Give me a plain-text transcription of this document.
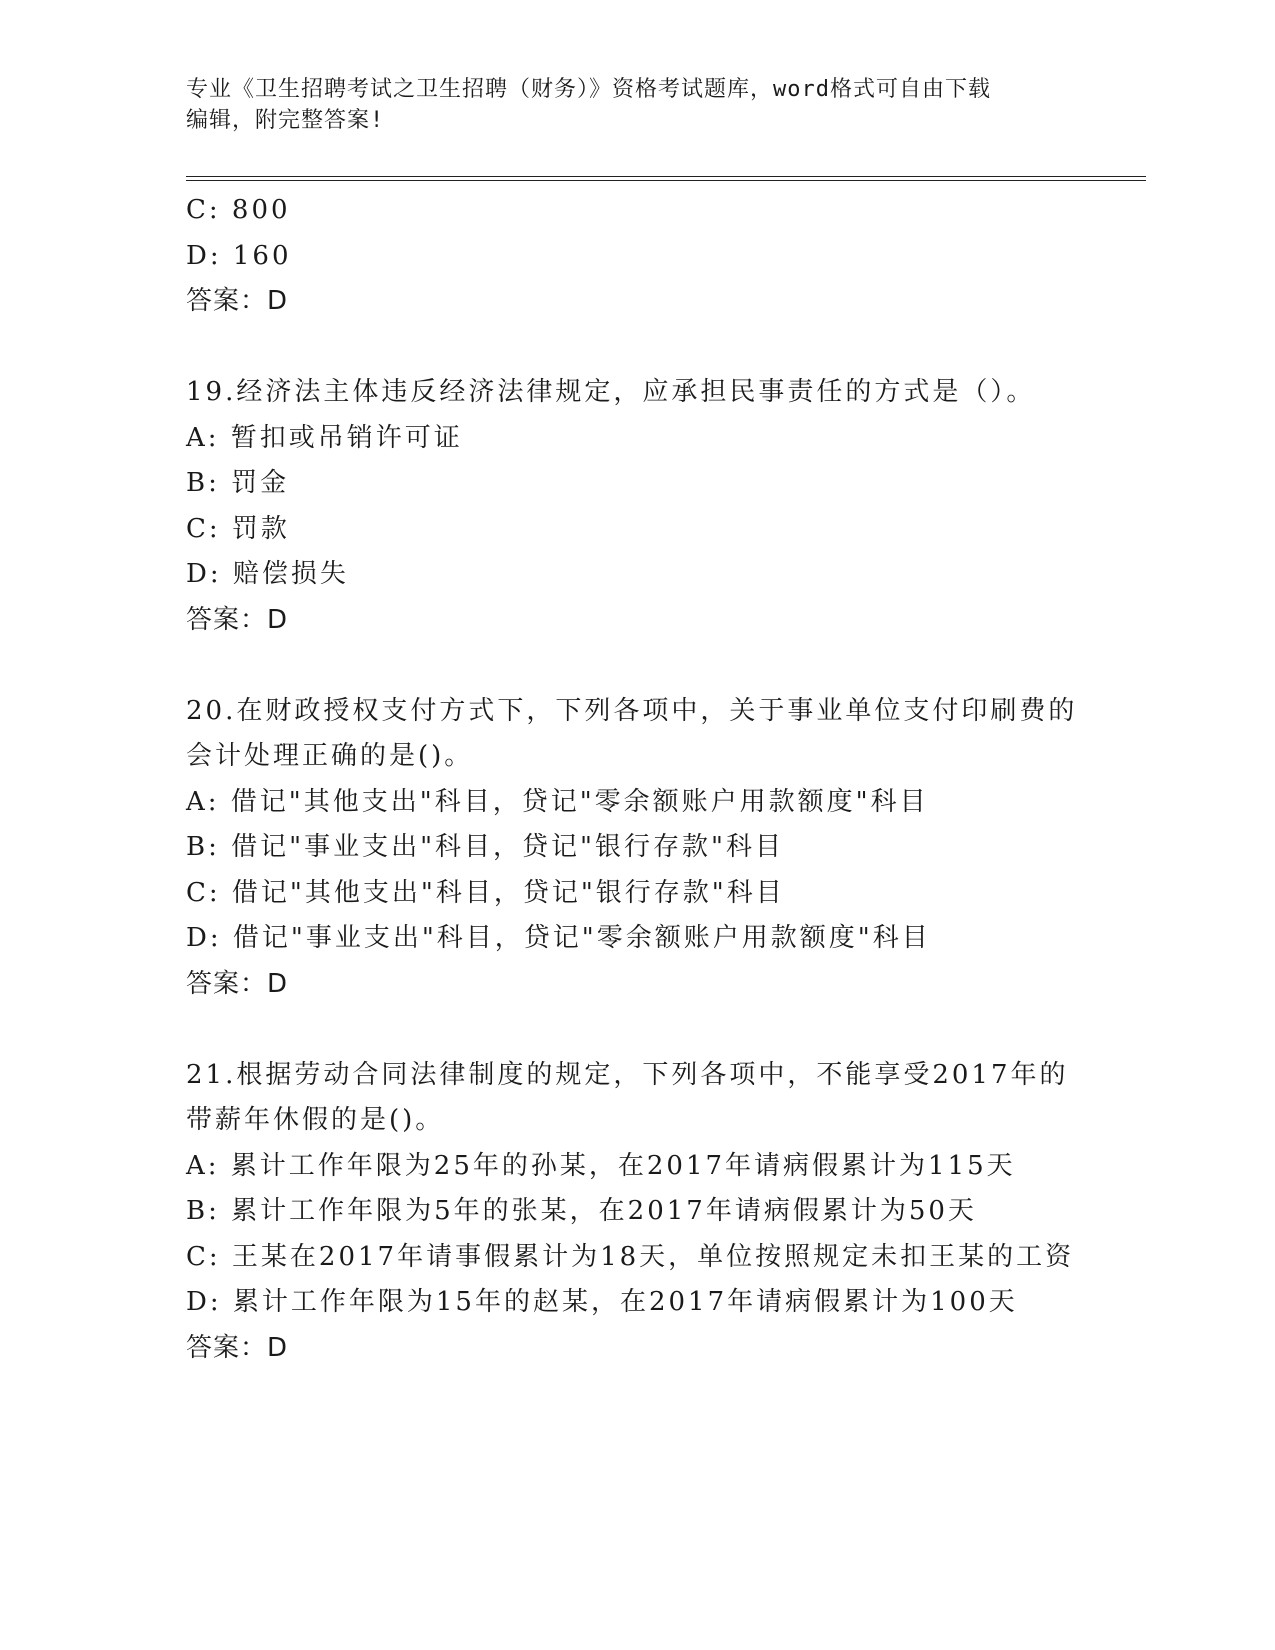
专业《卫生招聘考试之卫生招聘（财务）》资格考试题库，word格式可自由下载
编辑，附完整答案!
C: 800
D: 160
答案：D
19.经济法主体违反经济法律规定，应承担民事责任的方式是（）。
A: 暂扣或吊销许可证
B: 罚金
C: 罚款
D: 赔偿损失
答案：D
20.在财政授权支付方式下，下列各项中，关于事业单位支付印刷费的
会计处理正确的是()。
A: 借记"其他支出"科目，贷记"零余额账户用款额度"科目
B: 借记"事业支出"科目，贷记"银行存款"科目
C: 借记"其他支出"科目，贷记"银行存款"科目
D: 借记"事业支出"科目，贷记"零余额账户用款额度"科目
答案：D
21.根据劳动合同法律制度的规定，下列各项中，不能享受2017年的
带薪年休假的是()。
A: 累计工作年限为25年的孙某，在2017年请病假累计为115天
B: 累计工作年限为5年的张某，在2017年请病假累计为50天
C: 王某在2017年请事假累计为18天，单位按照规定未扣王某的工资
D: 累计工作年限为15年的赵某，在2017年请病假累计为100天
答案：D
